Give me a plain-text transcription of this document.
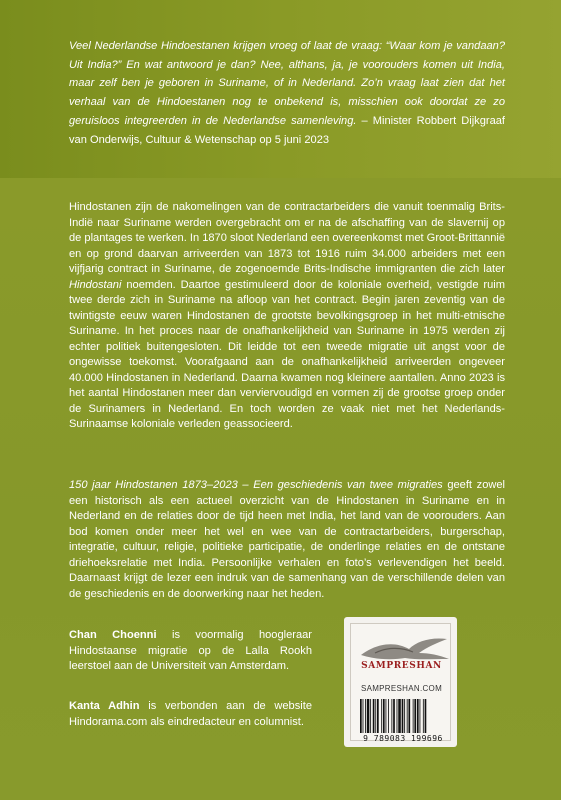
Veel Nederlandse Hindoestanen krijgen vroeg of laat de vraag: “Waar kom je vandaan? Uit India?” En wat antwoord je dan? Nee, althans, ja, je voorouders komen uit India, maar zelf ben je geboren in Suriname, of in Nederland. Zo’n vraag laat zien dat het verhaal van de Hindoestanen nog te onbekend is, misschien ook doordat ze zo geruisloos integreerden in de Nederlandse samenleving. – Minister Robbert Dijkgraaf van Onderwijs, Cultuur & Wetenschap op 5 juni 2023
Hindostanen zijn de nakomelingen van de contractarbeiders die vanuit toenmalig Brits-Indië naar Suriname werden overgebracht om er na de afschaffing van de slavernij op de plantages te werken. In 1870 sloot Nederland een overeenkomst met Groot-Brittannië en op grond daarvan arriveerden van 1873 tot 1916 ruim 34.000 arbeiders met een vijfjarig contract in Suriname, de zogenoemde Brits-Indische immigranten die zich later Hindostani noemden. Daartoe gestimuleerd door de koloniale overheid, vestigde ruim twee derde zich in Suriname na afloop van het contract. Begin jaren zeventig van de twintigste eeuw waren Hindostanen de grootste bevolkingsgroep in het multi-etnische Suriname. In het proces naar de onafhankelijkheid van Suriname in 1975 werden zij echter politiek buitengesloten. Dit leidde tot een tweede migratie uit angst voor de ongewisse toekomst. Voorafgaand aan de onafhankelijkheid arriveerden ongeveer 40.000 Hindostanen in Nederland. Daarna kwamen nog kleinere aantallen. Anno 2023 is het aantal Hindostanen meer dan verviervoudigd en vormen zij de grootse groep onder de Surinamers in Nederland. En toch worden ze vaak niet met het Nederlands-Surinaamse koloniale verleden geassocieerd.
150 jaar Hindostanen 1873–2023 – Een geschiedenis van twee migraties geeft zowel een historisch als een actueel overzicht van de Hindostanen in Suriname en in Nederland en de relaties door de tijd heen met India, het land van de voorouders. Aan bod komen onder meer het wel en wee van de contractarbeiders, burgerschap, integratie, cultuur, religie, politieke participatie, de onderlinge relaties en de ontstane driehoeksrelatie met India. Persoonlijke verhalen en foto’s verlevendigen het beeld. Daarnaast krijgt de lezer een indruk van de samenhang van de verschillende delen van de geschiedenis en de doorwerking naar het heden.
Chan Choenni is voormalig hoogleraar Hindostaanse migratie op de Lalla Rookh leerstoel aan de Universiteit van Amsterdam.
Kanta Adhin is verbonden aan de website Hindorama.com als eindredacteur en columnist.
SAMPRESHAN
SAMPRESHAN.COM
9 789083 199696
